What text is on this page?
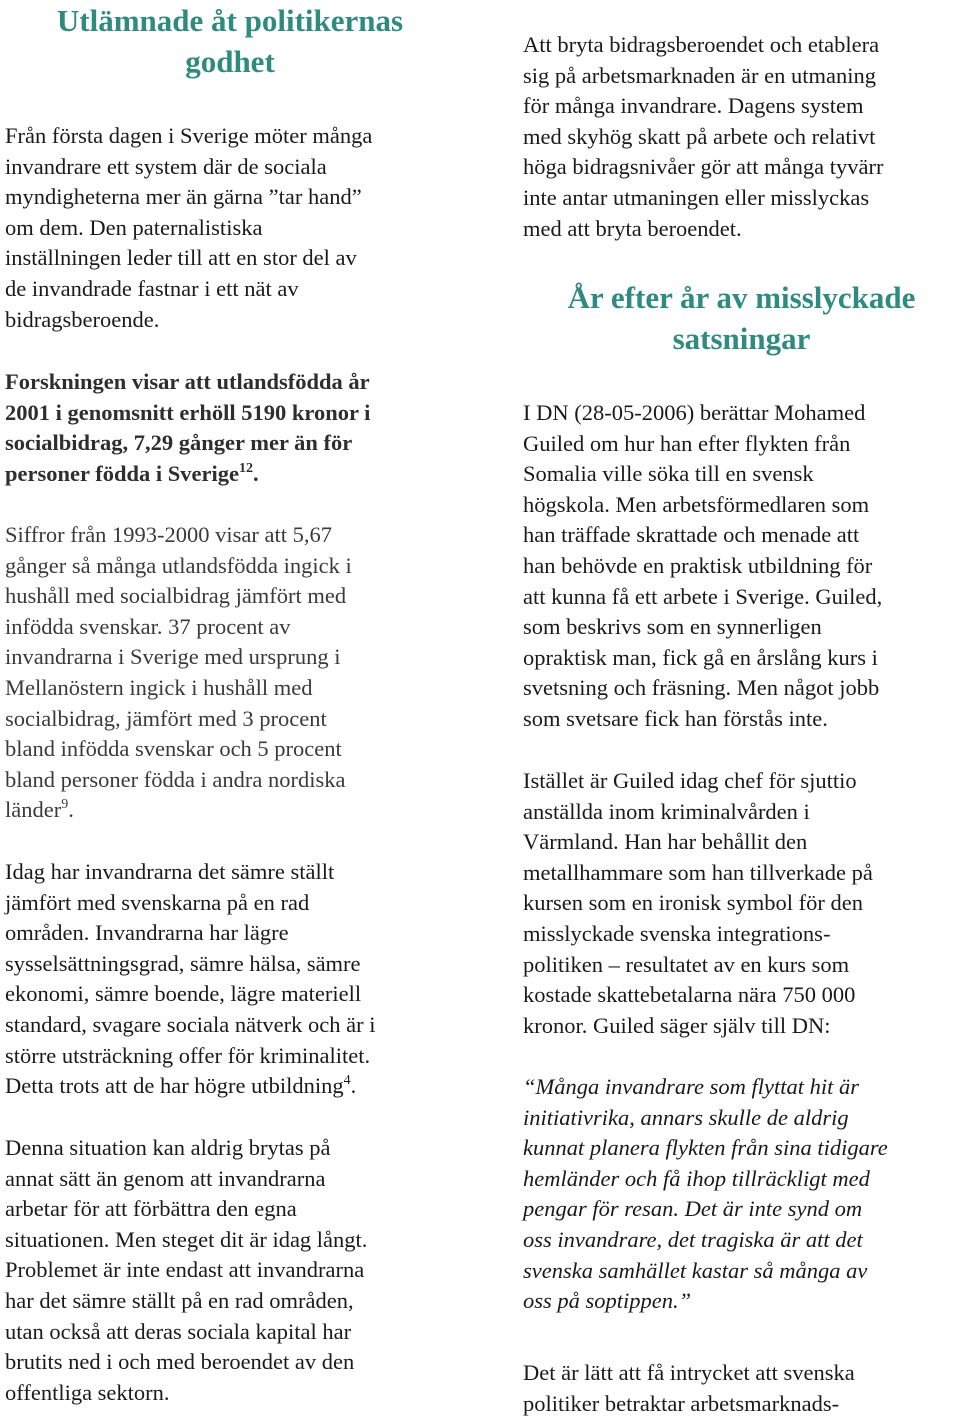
Utlämnade åt politikernas
godhet

Från första dagen i Sverige möter många
invandrare ett system där de sociala
myndigheterna mer än gärna ”tar hand”
om dem. Den paternalistiska
inställningen leder till att en stor del av
de invandrade fastnar i ett nät av
bidragsberoende.

Forskningen visar att utlandsfödda år
2001 i genomsnitt erhöll 5190 kronor i
socialbidrag, 7,29 gånger mer än för
personer födda i Sverige$^{12}$.

Siffror från 1993-2000 visar att 5,67
gånger så många utlandsfödda ingick i
hushåll med socialbidrag jämfört med
infödda svenskar. 37 procent av
invandrarna i Sverige med ursprung i
Mellanöstern ingick i hushåll med
socialbidrag, jämfört med 3 procent
bland infödda svenskar och 5 procent
bland personer födda i andra nordiska
länder$^9$.

Idag har invandrarna det sämre ställt
jämfört med svenskarna på en rad
områden. Invandrarna har lägre
sysselsättningsgrad, sämre hälsa, sämre
ekonomi, sämre boende, lägre materiell
standard, svagare sociala nätverk och är i
större utsträckning offer för kriminalitet.
Detta trots att de har högre utbildning$^4$.

Denna situation kan aldrig brytas på
annat sätt än genom att invandrarna
arbetar för att förbättra den egna
situationen. Men steget dit är idag långt.
Problemet är inte endast att invandrarna
har det sämre ställt på en rad områden,
utan också att deras sociala kapital har
brutits ned i och med beroendet av den
offentliga sektorn.

Att bryta bidragsberoendet och etablera
sig på arbetsmarknaden är en utmaning
för många invandrare. Dagens system
med skyhög skatt på arbete och relativt
höga bidragsnivåer gör att många tyvärr
inte antar utmaningen eller misslyckas
med att bryta beroendet.

År efter år av misslyckade
satsningar

I DN (28-05-2006) berättar Mohamed
Guiled om hur han efter flykten från
Somalia ville söka till en svensk
högskola. Men arbetsförmedlaren som
han träffade skrattade och menade att
han behövde en praktisk utbildning för
att kunna få ett arbete i Sverige. Guiled,
som beskrivs som en synnerligen
opraktisk man, fick gå en årslång kurs i
svetsning och fräsning. Men något jobb
som svetsare fick han förstås inte.

Istället är Guiled idag chef för sjuttio
anställda inom kriminalvården i
Värmland. Han har behållit den
metallhammare som han tillverkade på
kursen som en ironisk symbol för den
misslyckade svenska integrations-
politiken – resultatet av en kurs som
kostade skattebetalarna nära 750 000
kronor. Guiled säger själv till DN:

“Många invandrare som flyttat hit är
initiativrika, annars skulle de aldrig
kunnat planera flykten från sina tidigare
hemländer och få ihop tillräckligt med
pengar för resan. Det är inte synd om
oss invandrare, det tragiska är att det
svenska samhället kastar så många av
oss på soptippen.”

Det är lätt att få intrycket att svenska
politiker betraktar arbetsmarknads-
